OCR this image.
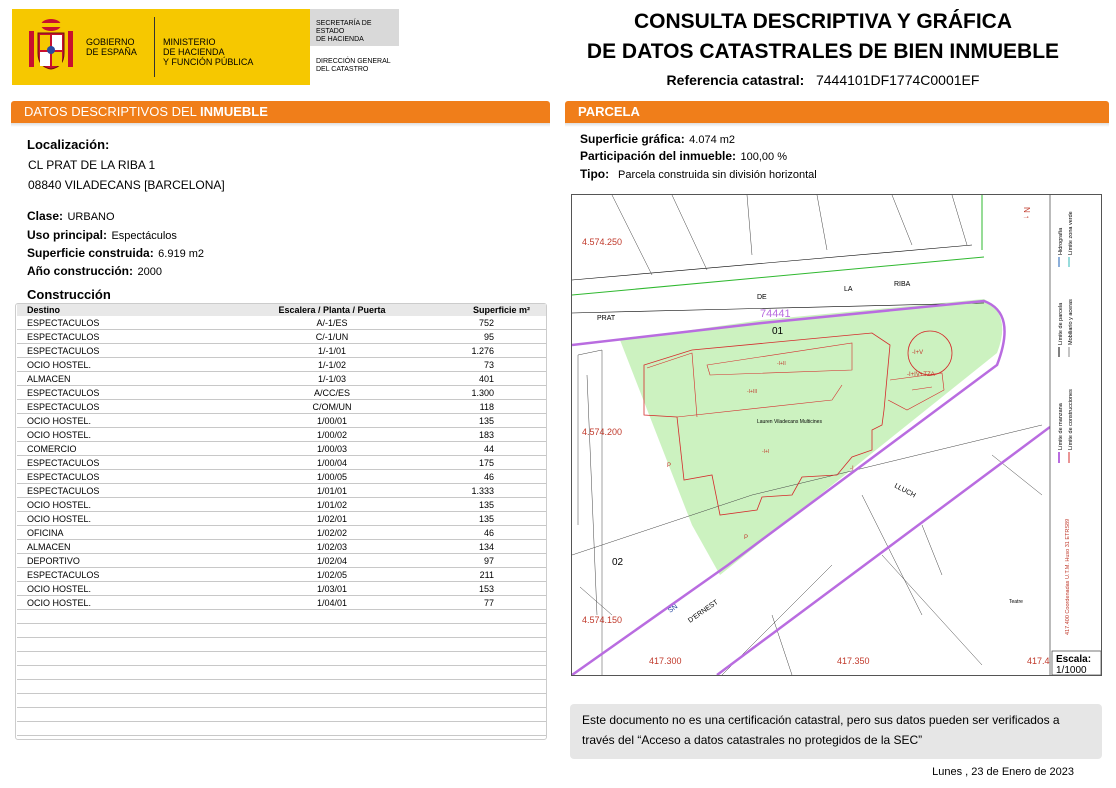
GOBIERNO
DE ESPAÑA
MINISTERIO
DE HACIENDA
Y FUNCIÓN PÚBLICA
SECRETARÍA DE ESTADO
DE HACIENDA
DIRECCIÓN GENERAL
DEL CATASTRO
CONSULTA DESCRIPTIVA Y GRÁFICA
DE DATOS CATASTRALES DE BIEN INMUEBLE
Referencia catastral: 7444101DF1774C0001EF
DATOS DESCRIPTIVOS DEL INMUEBLE
Localización:
CL PRAT DE LA RIBA 1
08840 VILADECANS [BARCELONA]
Clase: URBANO
Uso principal: Espectáculos
Superficie construida: 6.919 m2
Año construcción: 2000
Construcción
Destino	Escalera / Planta / Puerta	Superficie m²
ESPECTACULOS	A/-1/ES	752
ESPECTACULOS	C/-1/UN	95
ESPECTACULOS	1/-1/01	1.276
OCIO HOSTEL.	1/-1/02	73
ALMACEN	1/-1/03	401
ESPECTACULOS	A/CC/ES	1.300
ESPECTACULOS	C/OM/UN	118
OCIO HOSTEL.	1/00/01	135
OCIO HOSTEL.	1/00/02	183
COMERCIO	1/00/03	44
ESPECTACULOS	1/00/04	175
ESPECTACULOS	1/00/05	46
ESPECTACULOS	1/01/01	1.333
OCIO HOSTEL.	1/01/02	135
OCIO HOSTEL.	1/02/01	135
OFICINA	1/02/02	46
ALMACEN	1/02/03	134
DEPORTIVO	1/02/04	97
ESPECTACULOS	1/02/05	211
OCIO HOSTEL.	1/03/01	153
OCIO HOSTEL.	1/04/01	77

PARCELA
Superficie gráfica: 4.074 m2
Participación del inmueble: 100,00 %
Tipo: Parcela construida sin división horizontal
4.574.250
4.574.200
4.574.150
417.300	417.350	417.4
74441
01
02
PRAT
DE
LA
RIBA
LLUCH
D'ERNEST
SN
Lauren Viladecans Multicines
Teatre
-I+III
-I+II
-I+I
-I+V
-I+IV+TZA
P
P
-I
N ↑
Hidrografía Límite zona verde
Límite de parcela Mobiliario y aceras
Límite de manzana Límite de construcciones
417.400 Coordenadas U.T.M. Huso 31 ETRS89
Escala:
1/1000
Este documento no es una certificación catastral, pero sus datos pueden ser verificados a través del “Acceso a datos catastrales no protegidos de la SEC”
Lunes , 23 de Enero de 2023
